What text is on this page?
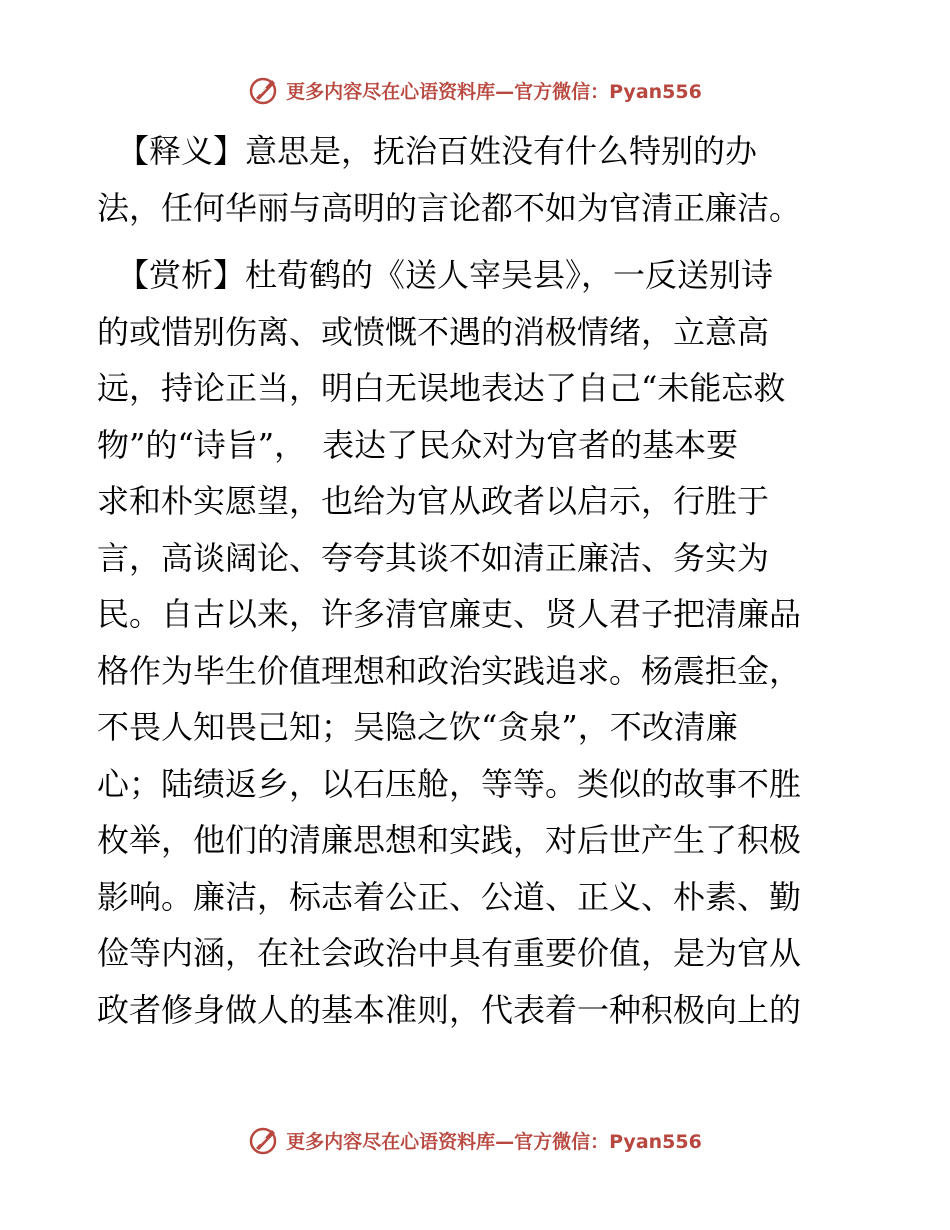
更多内容尽在心语资料库—官方微信：Pyan556

【释义】意思是，抚治百姓没有什么特别的办
法，任何华丽与高明的言论都不如为官清正廉洁。

【赏析】杜荀鹤的《送人宰吴县》，一反送别诗
的或惜别伤离、或愤慨不遇的消极情绪，立意高
远，持论正当，明白无误地表达了自己“未能忘救
物”的“诗旨”，　表达了民众对为官者的基本要
求和朴实愿望，也给为官从政者以启示，行胜于
言，高谈阔论、夸夸其谈不如清正廉洁、务实为
民。自古以来，许多清官廉吏、贤人君子把清廉品
格作为毕生价值理想和政治实践追求。杨震拒金，
不畏人知畏己知；吴隐之饮“贪泉”，不改清廉
心；陆绩返乡，以石压舱，等等。类似的故事不胜
枚举，他们的清廉思想和实践，对后世产生了积极
影响。廉洁，标志着公正、公道、正义、朴素、勤
俭等内涵，在社会政治中具有重要价值，是为官从
政者修身做人的基本准则，代表着一种积极向上的

更多内容尽在心语资料库—官方微信：Pyan556
